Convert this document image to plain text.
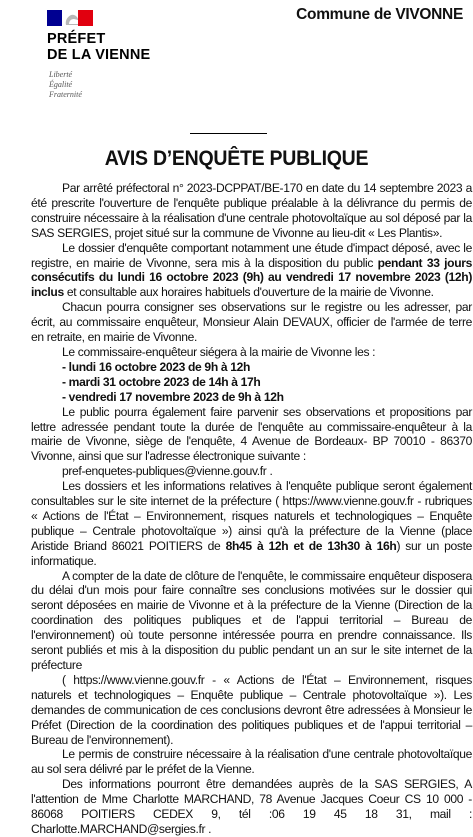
PRÉFET
DE LA VIENNE
Liberté
Égalité
Fraternité
Commune de VIVONNE
AVIS D’ENQUÊTE PUBLIQUE

Par arrêté préfectoral n° 2023-DCPPAT/BE-170 en date du 14 septembre 2023 a été prescrite l'ouverture de l'enquête publique préalable à la délivrance du permis de construire nécessaire à la réalisation d'une centrale photovoltaïque au sol déposé par la SAS SERGIES, projet situé sur la commune de Vivonne au lieu-dit « Les Plantis».

Le dossier d'enquête comportant notamment une étude d'impact déposé, avec le registre, en mairie de Vivonne, sera mis à la disposition du public pendant 33 jours consécutifs du lundi 16 octobre 2023 (9h) au vendredi 17 novembre 2023 (12h) inclus et consultable aux horaires habituels d'ouverture de la mairie de Vivonne.

Chacun pourra consigner ses observations sur le registre ou les adresser, par écrit, au commissaire enquêteur, Monsieur Alain DEVAUX, officier de l'armée de terre en retraite, en mairie de Vivonne.

Le commissaire-enquêteur siégera à la mairie de Vivonne les :

- lundi 16 octobre 2023 de 9h à 12h
- mardi 31 octobre 2023 de 14h à 17h
- vendredi 17 novembre 2023 de 9h à 12h

Le public pourra également faire parvenir ses observations et propositions par lettre adressée pendant toute la durée de l'enquête au commissaire-enquêteur à la mairie de Vivonne, siège de l'enquête, 4 Avenue de Bordeaux- BP 70010 - 86370 Vivonne, ainsi que sur l'adresse électronique suivante :

pref-enquetes-publiques@vienne.gouv.fr .

Les dossiers et les informations relatives à l'enquête publique seront également consultables sur le site internet de la préfecture ( https://www.vienne.gouv.fr - rubriques « Actions de l'État – Environnement, risques naturels et technologiques – Enquête publique – Centrale photovoltaïque ») ainsi qu'à la préfecture de la Vienne (place Aristide Briand 86021 POITIERS de 8h45 à 12h et de 13h30 à 16h) sur un poste informatique.

A compter de la date de clôture de l'enquête, le commissaire enquêteur disposera du délai d'un mois pour faire connaître ses conclusions motivées sur le dossier qui seront déposées en mairie de Vivonne et à la préfecture de la Vienne (Direction de la coordination des politiques publiques et de l'appui territorial – Bureau de l'environnement) où toute personne intéressée pourra en prendre connaissance. Ils seront publiés et mis à la disposition du public pendant un an sur le site internet de la préfecture

( https://www.vienne.gouv.fr - « Actions de l'État – Environnement, risques naturels et technologiques – Enquête publique – Centrale photovoltaïque »). Les demandes de communication de ces conclusions devront être adressées à Monsieur le Préfet (Direction de la coordination des politiques publiques et de l'appui territorial – Bureau de l'environnement).

Le permis de construire nécessaire à la réalisation d'une centrale photovoltaïque au sol sera délivré par le préfet de la Vienne.

Des informations pourront être demandées auprès de la SAS SERGIES, A l'attention de Mme Charlotte MARCHAND, 78 Avenue Jacques Coeur CS 10 000 - 86068 POITIERS CEDEX 9, tél :06 19 45 18 31, mail : Charlotte.MARCHAND@sergies.fr .
